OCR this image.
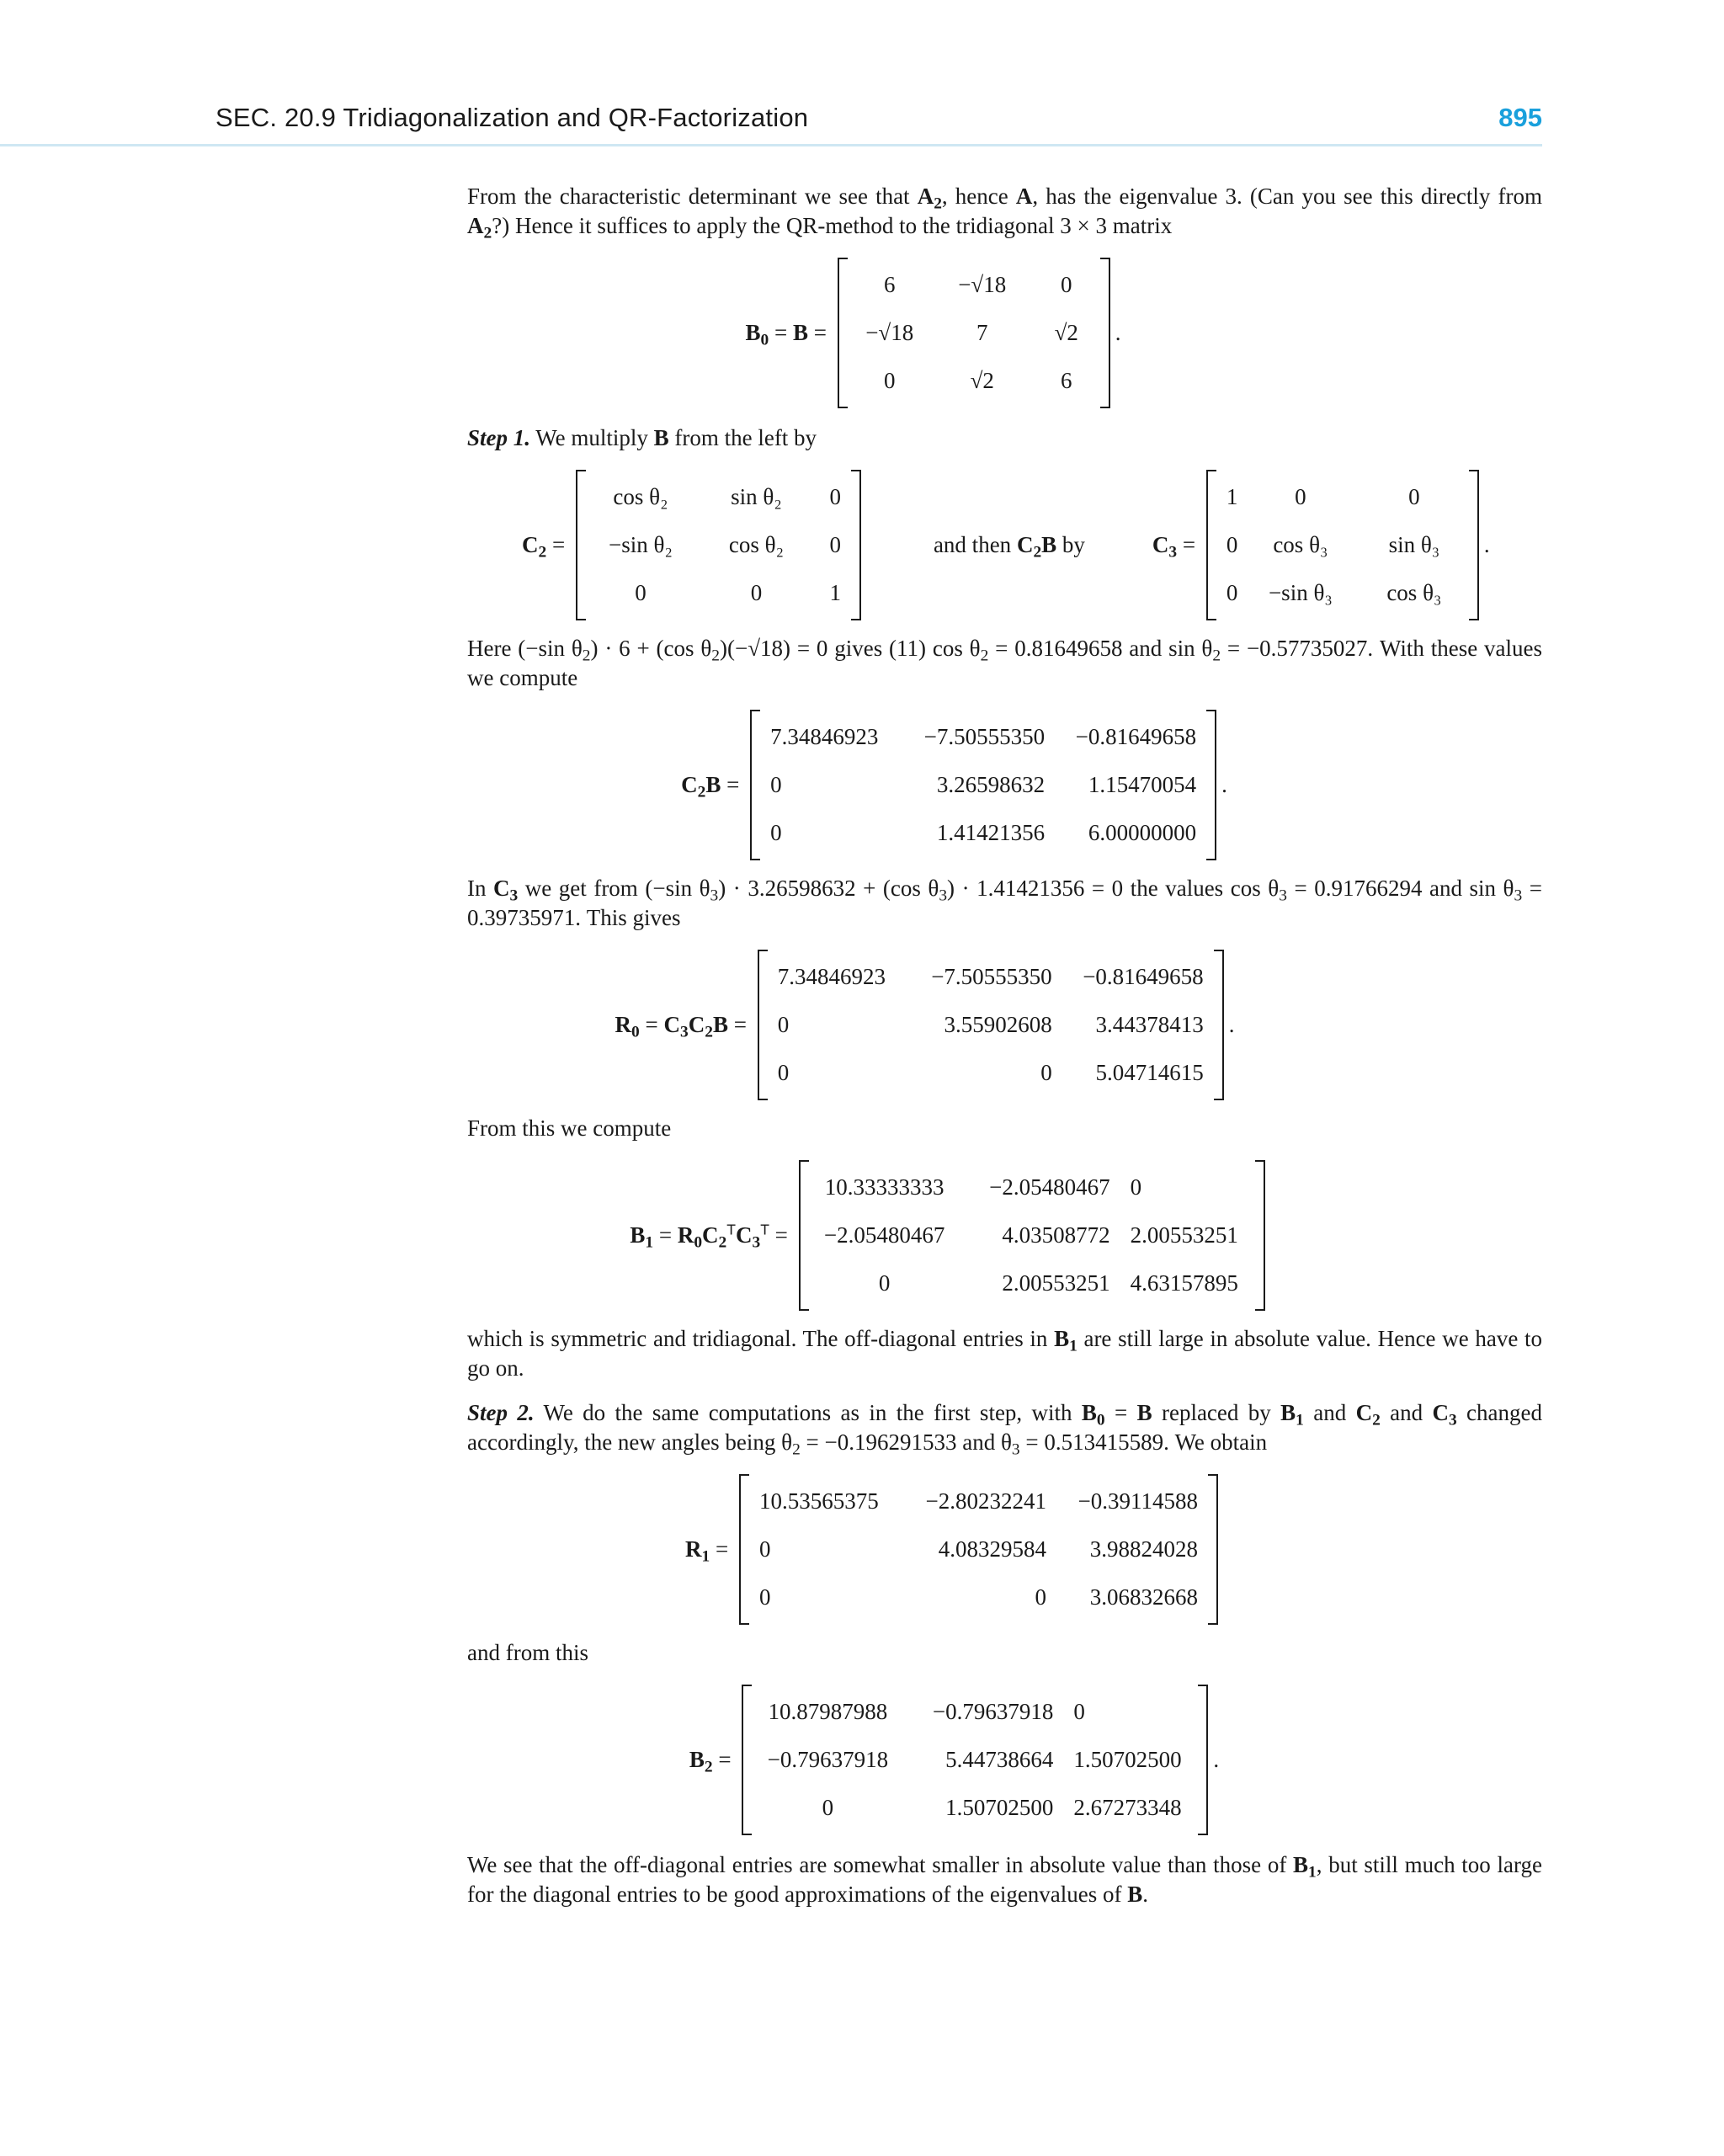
SEC. 20.9 Tridiagonalization and QR-Factorization	895

From the characteristic determinant we see that $A_2$, hence A, has the eigenvalue 3. (Can you see this directly from $A_2$?) Hence it suffices to apply the QR-method to the tridiagonal 3 × 3 matrix

$B_0 = B$ =
6	−√18	0
−√18	7	√2
0	√2	6
.

Step 1. We multiply B from the left by

$C_2$ =
cos θ₂	sin θ₂	0
−sin θ₂	cos θ₂	0
0	0	1
and then $C_2B$ by	$C_3$ =
1	0	0
0	cos θ₃	sin θ₃
0	−sin θ₃	cos θ₃
.

Here (−sin $\theta_2) \cdot 6 + (\cos$ $\theta_2)(-√18) = 0$ gives (11) $\cos \theta_2 = 0.81649658$ and $\sin \theta_2 = -0.57735027$. With these values we compute

$C_2B$ =
7.34846923	−7.50555350	−0.81649658
0	3.26598632	1.15470054
0	1.41421356	6.00000000
.

In $C_3$ we get from (−sin $\theta_3) \cdot 3.26598632 + (\cos$ $\theta_3) \cdot 1.41421356 = 0$ the values $\cos \theta_3 = 0.91766294$ and $\sin \theta_3 = 0.39735971$. This gives

$R_0 = C_3C_2B$ =
7.34846923	−7.50555350	−0.81649658
0	3.55902608	3.44378413
0	0	5.04714615
.

From this we compute

$B_1 = R_0C_2^TC_3^T$ =
10.33333333	−2.05480467 0
−2.05480467	4.03508772 2.00553251
0	2.00553251 4.63157895

which is symmetric and tridiagonal. The off-diagonal entries in $B_1$ are still large in absolute value. Hence we have to go on.

Step 2. We do the same computations as in the first step, with $B_0 = B$ replaced by $B_1$ and $C_2$ and $C_3$ changed accordingly, the new angles being $\theta_2 = -0.196291533$ and $\theta_3 = 0.513415589$. We obtain

$R_1$ =
10.53565375	−2.80232241	−0.39114588
0	4.08329584	3.98824028
0	0	3.06832668

and from this

$B_2$ =
10.87987988	−0.79637918 0
−0.79637918	5.44738664 1.50702500
0	1.50702500 2.67273348
.

We see that the off-diagonal entries are somewhat smaller in absolute value than those of $B_1$, but still much too large for the diagonal entries to be good approximations of the eigenvalues of B.
